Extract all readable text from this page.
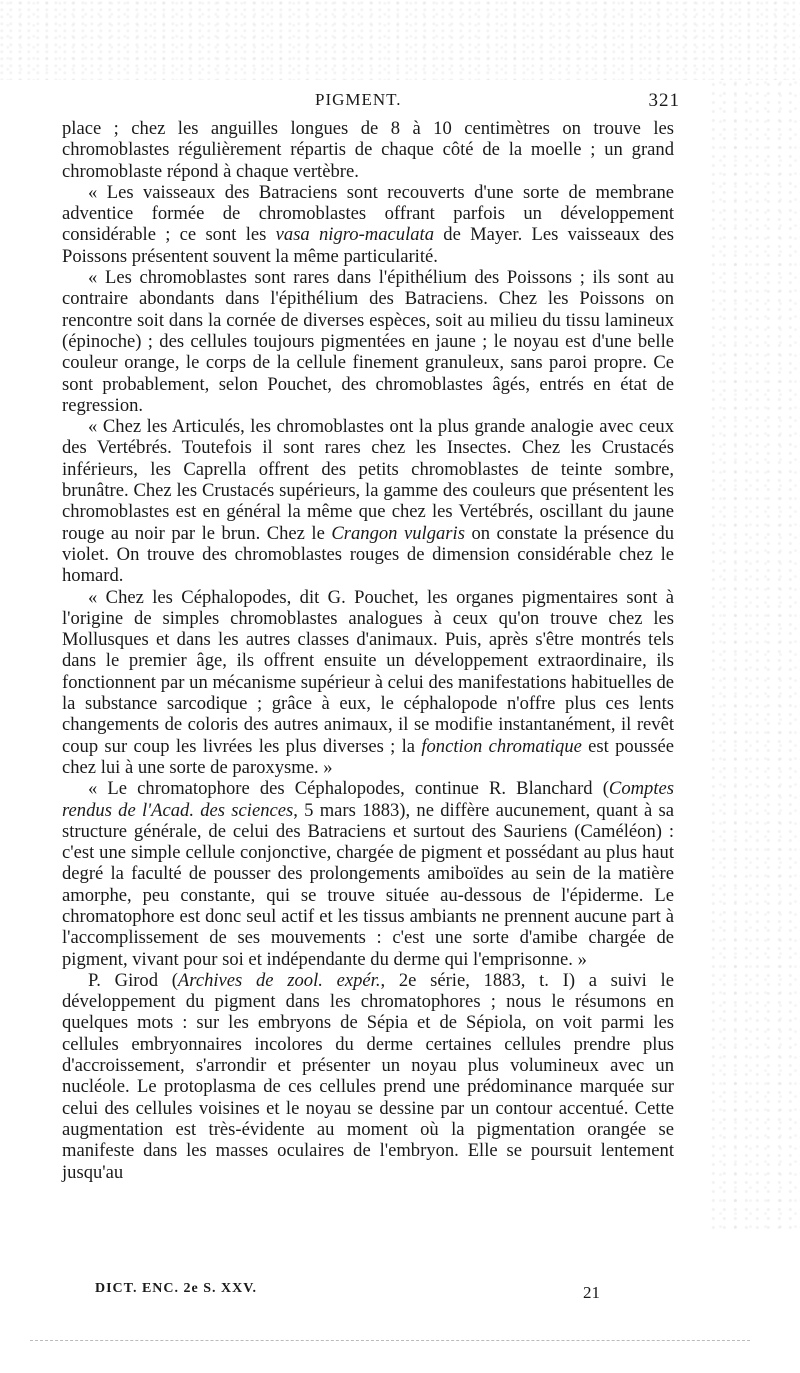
PIGMENT.	321

place ; chez les anguilles longues de 8 à 10 centimètres on trouve les chromoblastes régulièrement répartis de chaque côté de la moelle ; un grand chromoblaste répond à chaque vertèbre.

« Les vaisseaux des Batraciens sont recouverts d'une sorte de membrane adventice formée de chromoblastes offrant parfois un développement considérable ; ce sont les vasa nigro-maculata de Mayer. Les vaisseaux des Poissons présentent souvent la même particularité.

« Les chromoblastes sont rares dans l'épithélium des Poissons ; ils sont au contraire abondants dans l'épithélium des Batraciens. Chez les Poissons on rencontre soit dans la cornée de diverses espèces, soit au milieu du tissu lamineux (épinoche) ; des cellules toujours pigmentées en jaune ; le noyau est d'une belle couleur orange, le corps de la cellule finement granuleux, sans paroi propre. Ce sont probablement, selon Pouchet, des chromoblastes âgés, entrés en état de regression.

« Chez les Articulés, les chromoblastes ont la plus grande analogie avec ceux des Vertébrés. Toutefois il sont rares chez les Insectes. Chez les Crustacés inférieurs, les Caprella offrent des petits chromoblastes de teinte sombre, brunâtre. Chez les Crustacés supérieurs, la gamme des couleurs que présentent les chromoblastes est en général la même que chez les Vertébrés, oscillant du jaune rouge au noir par le brun. Chez le Crangon vulgaris on constate la présence du violet. On trouve des chromoblastes rouges de dimension considérable chez le homard.

« Chez les Céphalopodes, dit G. Pouchet, les organes pigmentaires sont à l'origine de simples chromoblastes analogues à ceux qu'on trouve chez les Mollusques et dans les autres classes d'animaux. Puis, après s'être montrés tels dans le premier âge, ils offrent ensuite un développement extraordinaire, ils fonctionnent par un mécanisme supérieur à celui des manifestations habituelles de la substance sarcodique ; grâce à eux, le céphalopode n'offre plus ces lents changements de coloris des autres animaux, il se modifie instantanément, il revêt coup sur coup les livrées les plus diverses ; la fonction chromatique est poussée chez lui à une sorte de paroxysme. »

« Le chromatophore des Céphalopodes, continue R. Blanchard (Comptes rendus de l'Acad. des sciences, 5 mars 1883), ne diffère aucunement, quant à sa structure générale, de celui des Batraciens et surtout des Sauriens (Caméléon) : c'est une simple cellule conjonctive, chargée de pigment et possédant au plus haut degré la faculté de pousser des prolongements amiboïdes au sein de la matière amorphe, peu constante, qui se trouve située au-dessous de l'épiderme. Le chromatophore est donc seul actif et les tissus ambiants ne prennent aucune part à l'accomplissement de ses mouvements : c'est une sorte d'amibe chargée de pigment, vivant pour soi et indépendante du derme qui l'emprisonne. »

P. Girod (Archives de zool. expér., 2e série, 1883, t. I) a suivi le développement du pigment dans les chromatophores ; nous le résumons en quelques mots : sur les embryons de Sépia et de Sépiola, on voit parmi les cellules embryonnaires incolores du derme certaines cellules prendre plus d'accroissement, s'arrondir et présenter un noyau plus volumineux avec un nucléole. Le protoplasma de ces cellules prend une prédominance marquée sur celui des cellules voisines et le noyau se dessine par un contour accentué. Cette augmentation est très-évidente au moment où la pigmentation orangée se manifeste dans les masses oculaires de l'embryon. Elle se poursuit lentement jusqu'au

DICT. ENC. 2e S. XXV.	21
